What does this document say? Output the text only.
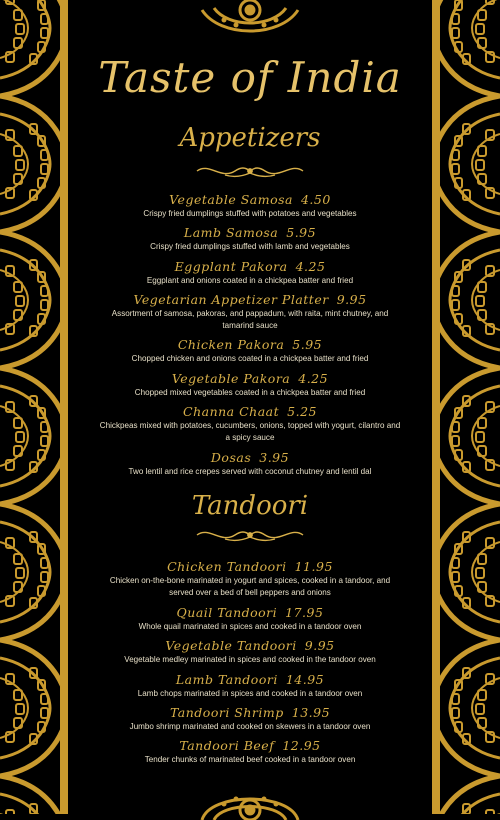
Taste of India
Appetizers
Vegetable Samosa 4.50
Crispy fried dumplings stuffed with potatoes and vegetables
Lamb Samosa 5.95
Crispy fried dumplings stuffed with lamb and vegetables
Eggplant Pakora 4.25
Eggplant and onions coated in a chickpea batter and fried
Vegetarian Appetizer Platter 9.95
Assortment of samosa, pakoras, and pappadum, with raita, mint chutney, and tamarind sauce
Chicken Pakora 5.95
Chopped chicken and onions coated in a chickpea batter and fried
Vegetable Pakora 4.25
Chopped mixed vegetables coated in a chickpea batter and fried
Channa Chaat 5.25
Chickpeas mixed with potatoes, cucumbers, onions, topped with yogurt, cilantro and a spicy sauce
Dosas 3.95
Two lentil and rice crepes served with coconut chutney and lentil dal
Tandoori
Chicken Tandoori 11.95
Chicken on-the-bone marinated in yogurt and spices, cooked in a tandoor, and served over a bed of bell peppers and onions
Quail Tandoori 17.95
Whole quail marinated in spices and cooked in a tandoor oven
Vegetable Tandoori 9.95
Vegetable medley marinated in spices and cooked in the tandoor oven
Lamb Tandoori 14.95
Lamb chops marinated in spices and cooked in a tandoor oven
Tandoori Shrimp 13.95
Jumbo shrimp marinated and cooked on skewers in a tandoor oven
Tandoori Beef 12.95
Tender chunks of marinated beef cooked in a tandoor oven
